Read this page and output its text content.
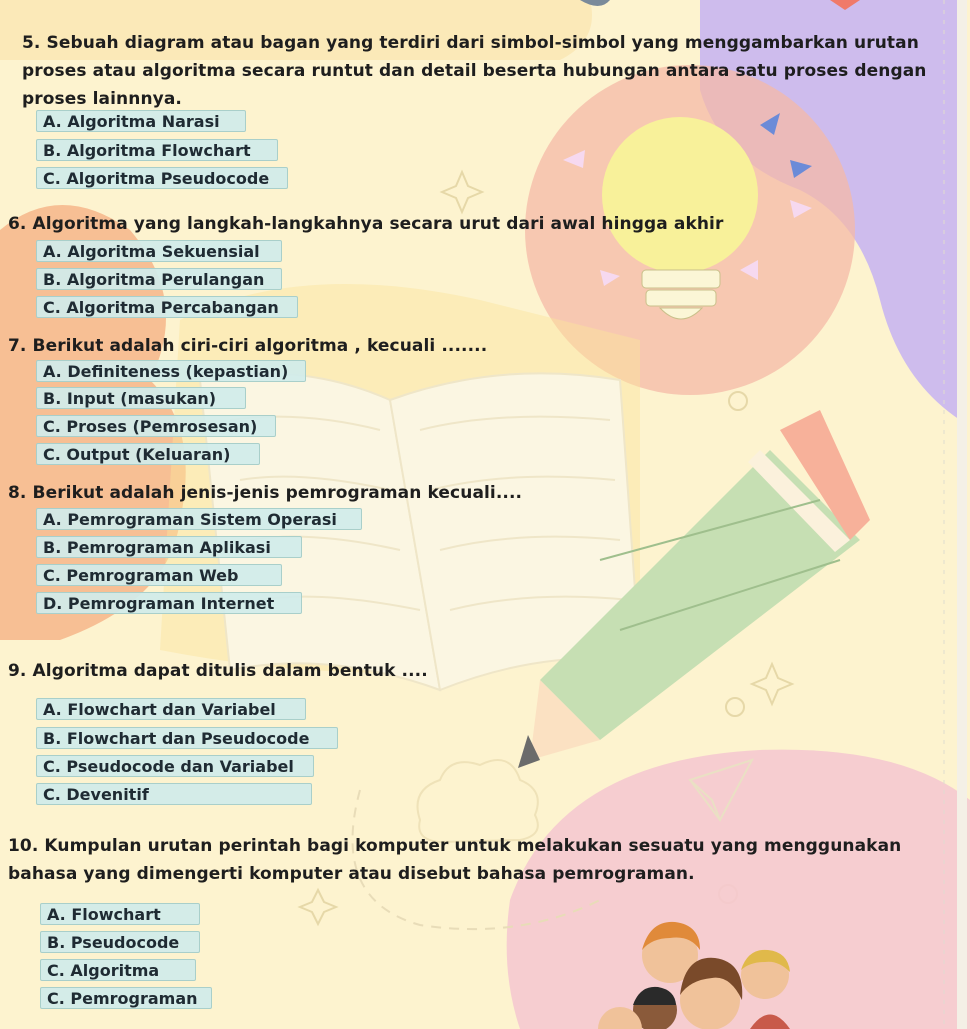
5. Sebuah diagram atau bagan yang terdiri dari simbol-simbol yang menggambarkan urutan

proses atau algoritma secara runtut dan detail beserta hubungan antara satu proses dengan

proses lainnnya.

A. Algoritma Narasi
B. Algoritma Flowchart
C. Algoritma Pseudocode

6. Algoritma yang langkah-langkahnya secara urut dari awal hingga akhir

A. Algoritma Sekuensial
B. Algoritma Perulangan
C. Algoritma Percabangan

7. Berikut adalah ciri-ciri algoritma , kecuali .......

A. Definiteness (kepastian)
B. Input (masukan)
C. Proses (Pemrosesan)
C. Output (Keluaran)

8. Berikut adalah jenis-jenis pemrograman kecuali....

A. Pemrograman Sistem Operasi
B. Pemrograman Aplikasi
C. Pemrograman Web
D. Pemrograman Internet

9. Algoritma dapat ditulis dalam bentuk ....

A. Flowchart dan Variabel
B. Flowchart dan Pseudocode
C. Pseudocode dan Variabel
C. Devenitif

10. Kumpulan urutan perintah bagi komputer untuk melakukan sesuatu yang menggunakan

bahasa yang dimengerti komputer atau disebut bahasa pemrograman.

A. Flowchart
B. Pseudocode
C. Algoritma
C. Pemrograman
